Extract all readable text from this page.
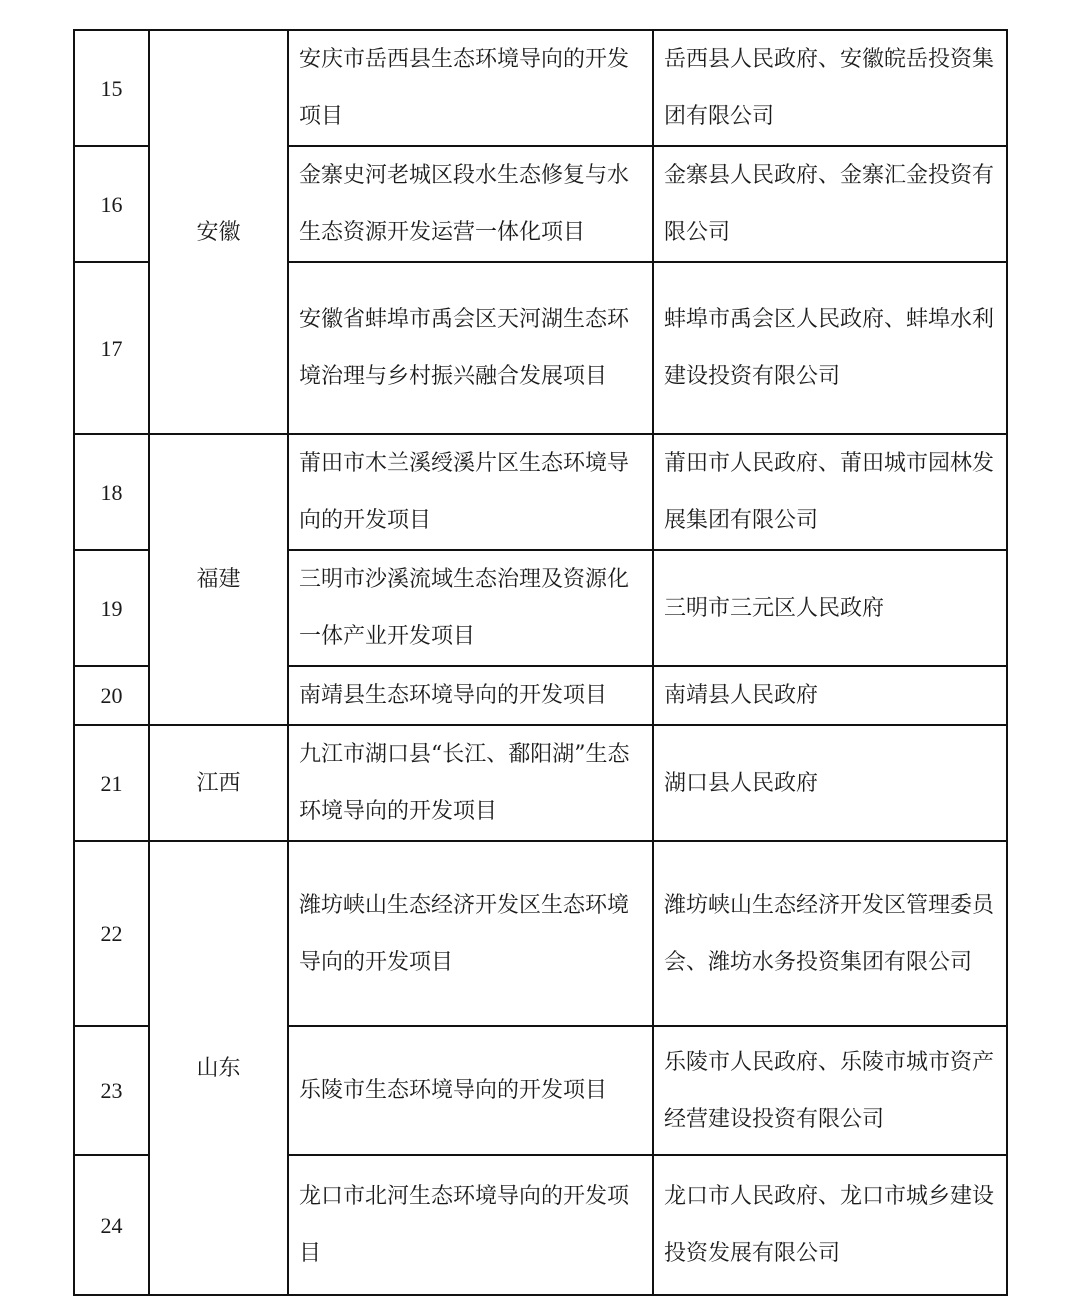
15	安徽	安庆市岳西县生态环境导向的开发项目	岳西县人民政府、安徽皖岳投资集团有限公司
16		金寨史河老城区段水生态修复与水生态资源开发运营一体化项目	金寨县人民政府、金寨汇金投资有限公司
17		安徽省蚌埠市禹会区天河湖生态环境治理与乡村振兴融合发展项目	蚌埠市禹会区人民政府、蚌埠水利建设投资有限公司
18	福建	莆田市木兰溪绶溪片区生态环境导向的开发项目	莆田市人民政府、莆田城市园林发展集团有限公司
19		三明市沙溪流域生态治理及资源化一体产业开发项目	三明市三元区人民政府
20		南靖县生态环境导向的开发项目	南靖县人民政府
21	江西	九江市湖口县“长江、鄱阳湖”生态环境导向的开发项目	湖口县人民政府
22	山东	潍坊峡山生态经济开发区生态环境导向的开发项目	潍坊峡山生态经济开发区管理委员会、潍坊水务投资集团有限公司
23		乐陵市生态环境导向的开发项目	乐陵市人民政府、乐陵市城市资产经营建设投资有限公司
24		龙口市北河生态环境导向的开发项目	龙口市人民政府、龙口市城乡建设投资发展有限公司
